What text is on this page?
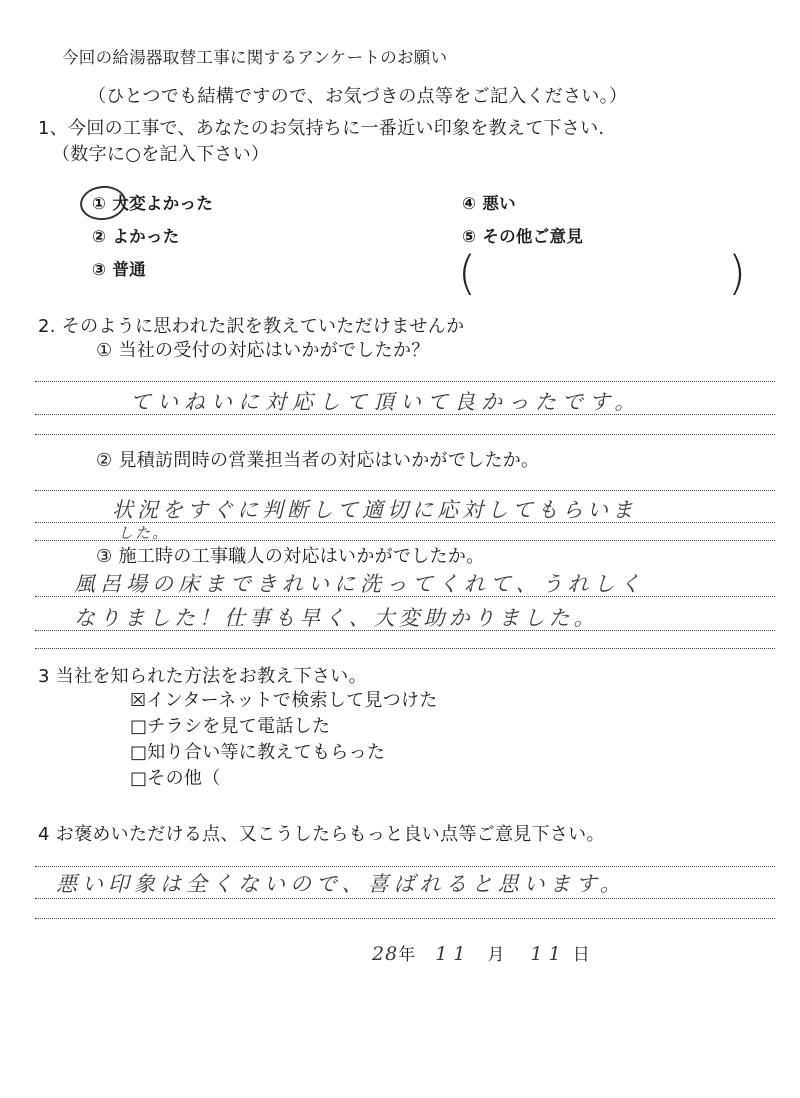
今回の給湯器取替工事に関するアンケートのお願い
（ひとつでも結構ですので、お気づきの点等をご記入ください。）
1、今回の工事で、あなたのお気持ちに一番近い印象を教えて下さい.
（数字に○を記入下さい）
① 大変よかった
② よかった
③ 普通
④ 悪い
⑤ その他ご意見
(	)
2. そのように思われた訳を教えていただけませんか
① 当社の受付の対応はいかがでしたか？
ていねいに対応して頂いて良かったです。
② 見積訪問時の営業担当者の対応はいかがでしたか。
状況をすぐに判断して適切に応対してもらいま
した。
③ 施工時の工事職人の対応はいかがでしたか。
風呂場の床まできれいに洗ってくれて、うれしく
なりました！仕事も早く、大変助かりました。
3 当社を知られた方法をお教え下さい。
☒インターネットで検索して見つけた
□チラシを見て電話した
□知り合い等に教えてもらった
□その他（
4 お褒めいただける点、又こうしたらもっと良い点等ご意見下さい。
悪い印象は全くないので、喜ばれると思います。
28年 11 月 11 日
